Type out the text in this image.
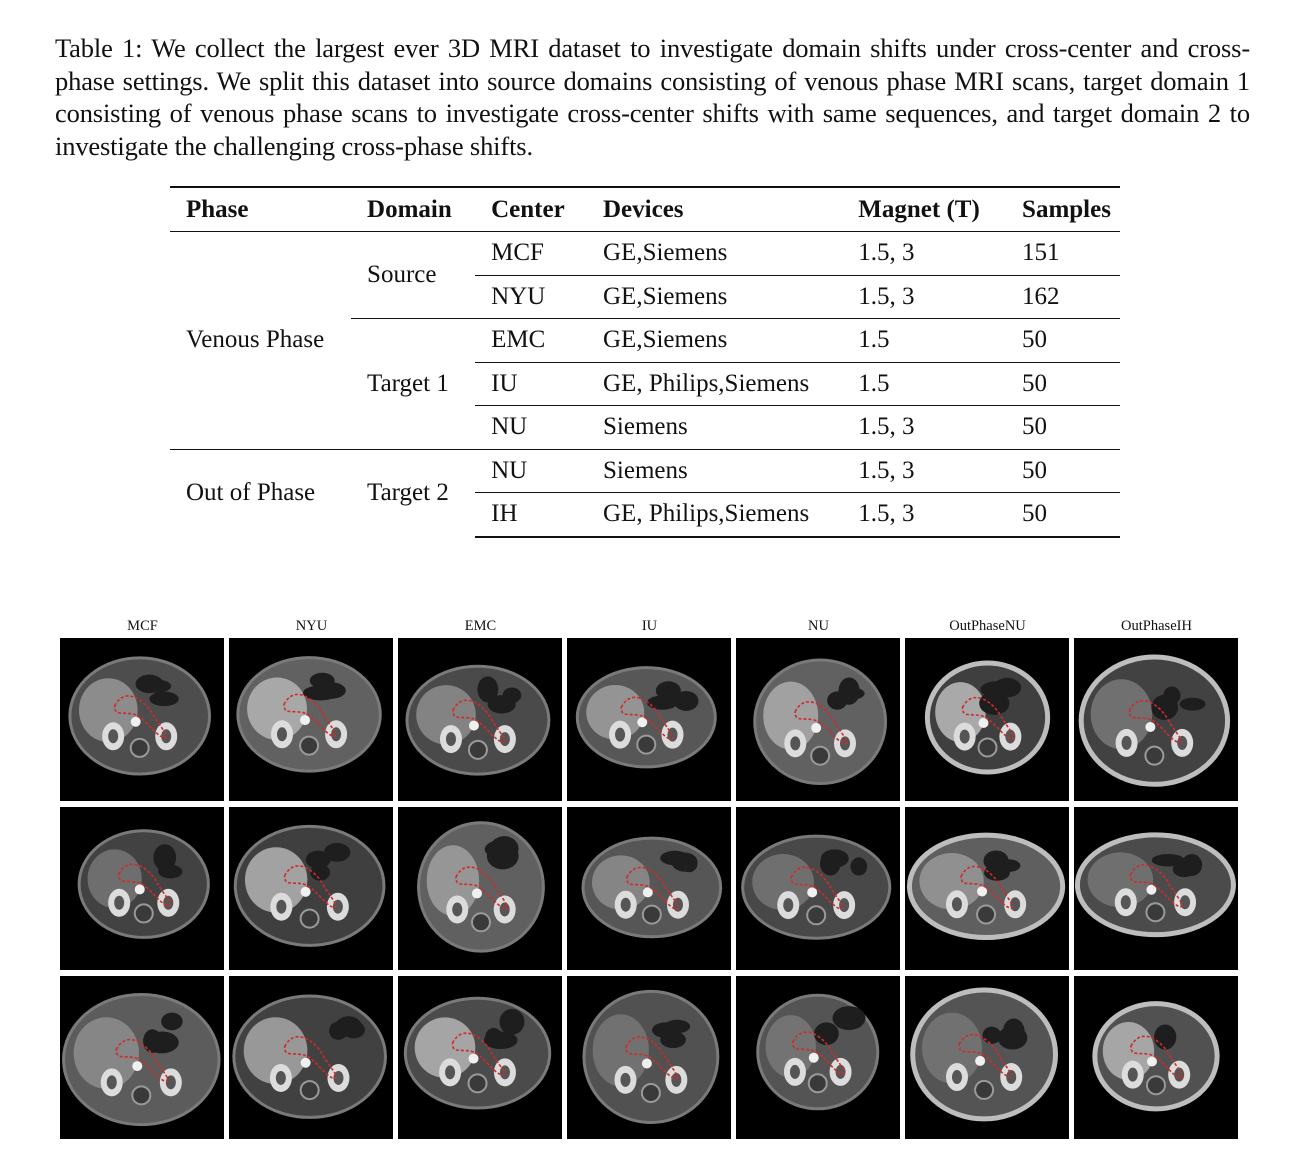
Table 1: We collect the largest ever 3D MRI dataset to investigate domain shifts under cross-center and cross-phase settings. We split this dataset into source domains consisting of venous phase MRI scans, target domain 1 consisting of venous phase scans to investigate cross-center shifts with same sequences, and target domain 2 to investigate the challenging cross-phase shifts.
Phase	Domain	Center	Devices	Magnet (T)	Samples
Venous Phase	Source	MCF	GE,Siemens	1.5, 3	151
		NYU	GE,Siemens	1.5, 3	162
	Target 1	EMC	GE,Siemens	1.5	50
		IU	GE, Philips,Siemens	1.5	50
		NU	Siemens	1.5, 3	50
Out of Phase	Target 2	NU	Siemens	1.5, 3	50
		IH	GE, Philips,Siemens	1.5, 3	50
MCF	NYU	EMC	IU	NU	OutPhaseNU	OutPhaseIH
